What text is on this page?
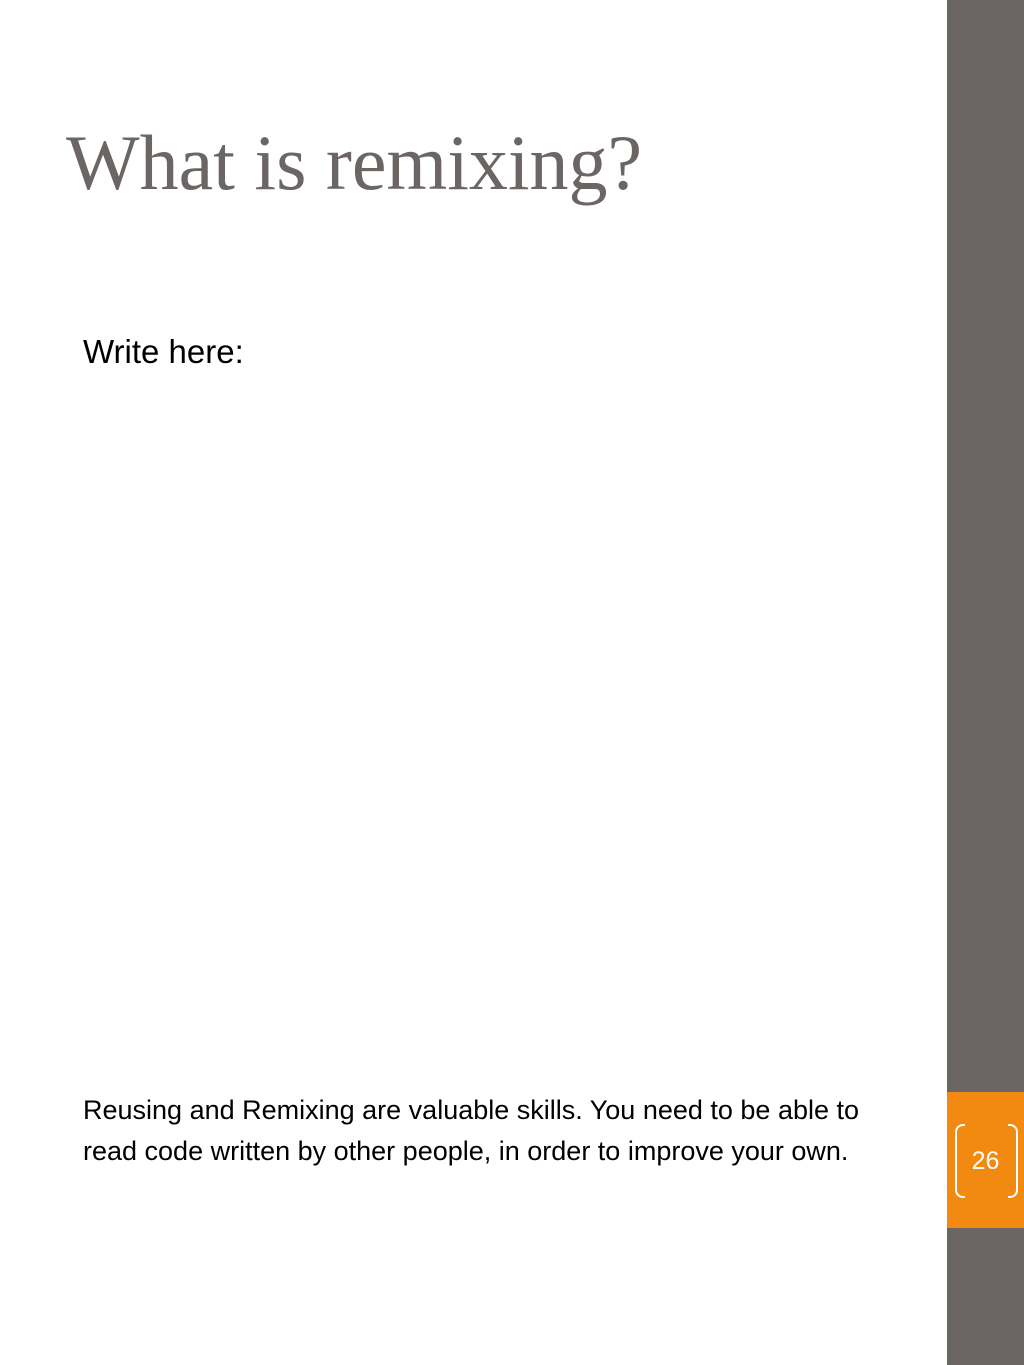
What is remixing?

Write here:

Reusing and Remixing are valuable skills. You need to be able to read code written by other people, in order to improve your own.	26
